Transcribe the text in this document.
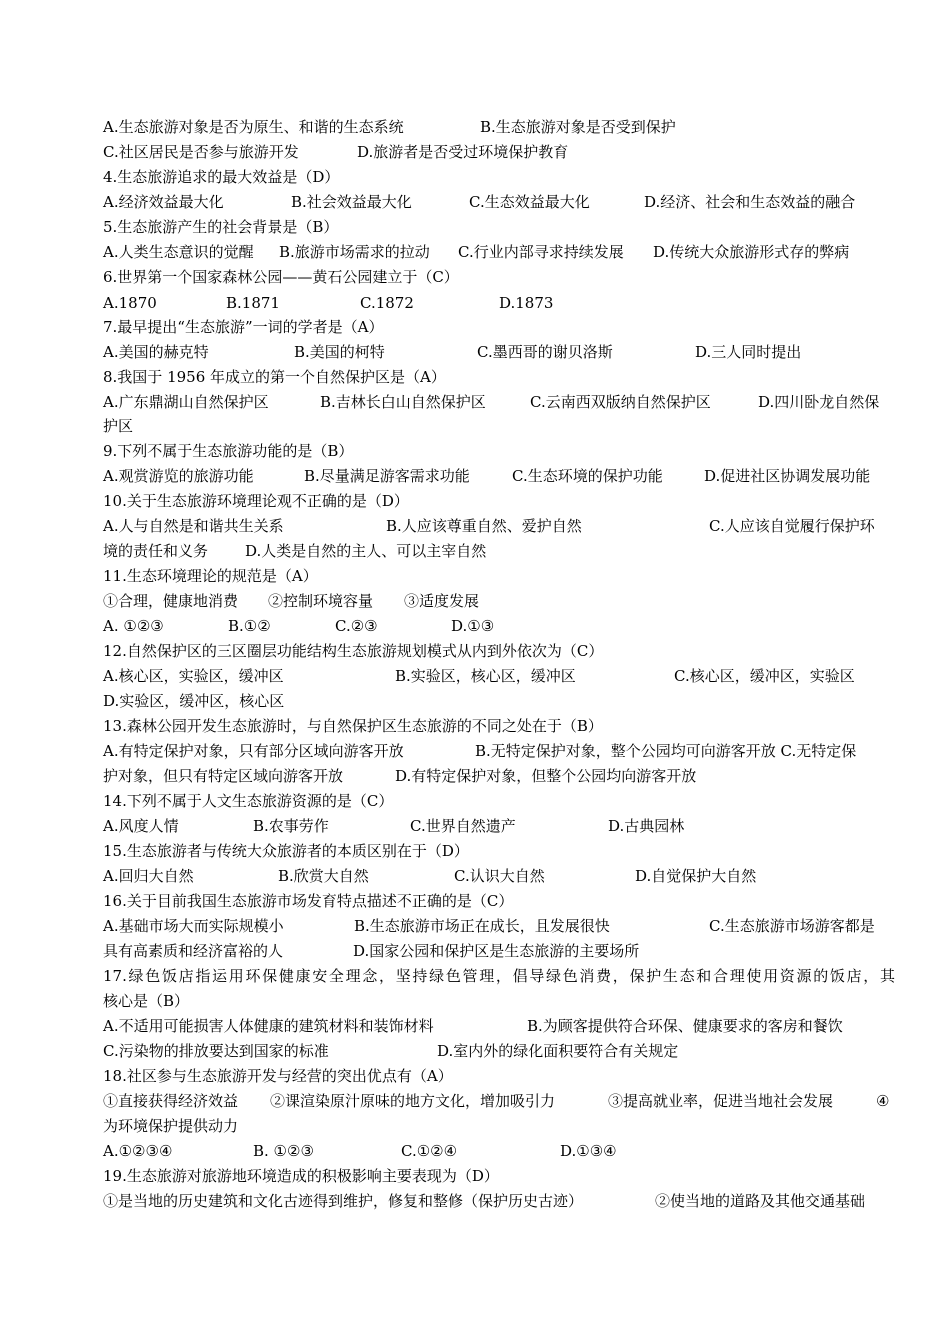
A.生态旅游对象是否为原生、和谐的生态系统	B.生态旅游对象是否受到保护
C.社区居民是否参与旅游开发	D.旅游者是否受过环境保护教育
4.生态旅游追求的最大效益是（D）
A.经济效益最大化	B.社会效益最大化	C.生态效益最大化	D.经济、社会和生态效益的融合
5.生态旅游产生的社会背景是（B）
A.人类生态意识的觉醒 B.旅游市场需求的拉动 C.行业内部寻求持续发展 D.传统大众旅游形式存的弊病
6.世界第一个国家森林公园——黄石公园建立于（C）
A.1870	B.1871	C.1872	D.1873
7.最早提出“生态旅游”一词的学者是（A）
A.美国的赫克特	B.美国的柯特	C.墨西哥的谢贝洛斯	D.三人同时提出
8.我国于 1956 年成立的第一个自然保护区是（A）
A.广东鼎湖山自然保护区	B.吉林长白山自然保护区	C.云南西双版纳自然保护区	D.四川卧龙自然保
护区
9.下列不属于生态旅游功能的是（B）
A.观赏游览的旅游功能	B.尽量满足游客需求功能	C.生态环境的保护功能	D.促进社区协调发展功能
10.关于生态旅游环境理论观不正确的是（D）
A.人与自然是和谐共生关系	B.人应该尊重自然、爱护自然	C.人应该自觉履行保护环
境的责任和义务 D.人类是自然的主人、可以主宰自然
11.生态环境理论的规范是（A）
①合理，健康地消费 ②控制环境容量 ③适度发展
A. ①②③	B.①②	C.②③	D.①③
12.自然保护区的三区圈层功能结构生态旅游规划模式从内到外依次为（C）
A.核心区，实验区，缓冲区	B.实验区，核心区，缓冲区	C.核心区，缓冲区，实验区
D.实验区，缓冲区，核心区
13.森林公园开发生态旅游时，与自然保护区生态旅游的不同之处在于（B）
A.有特定保护对象，只有部分区域向游客开放	B.无特定保护对象，整个公园均可向游客开放 C.无特定保
护对象，但只有特定区域向游客开放	D.有特定保护对象，但整个公园均向游客开放
14.下列不属于人文生态旅游资源的是（C）
A.风度人情	B.农事劳作	C.世界自然遗产	D.古典园林
15.生态旅游者与传统大众旅游者的本质区别在于（D）
A.回归大自然	B.欣赏大自然	C.认识大自然	D.自觉保护大自然
16.关于目前我国生态旅游市场发育特点描述不正确的是（C）
A.基础市场大而实际规模小	B.生态旅游市场正在成长，且发展很快	C.生态旅游市场游客都是
具有高素质和经济富裕的人	D.国家公园和保护区是生态旅游的主要场所
17.绿色饭店指运用环保健康安全理念，坚持绿色管理，倡导绿色消费，保护生态和合理使用资源的饭店，其
核心是（B）
A.不适用可能损害人体健康的建筑材料和装饰材料	B.为顾客提供符合环保、健康要求的客房和餐饮
C.污染物的排放要达到国家的标准	D.室内外的绿化面积要符合有关规定
18.社区参与生态旅游开发与经营的突出优点有（A）
①直接获得经济效益 ②课渲染原汁原味的地方文化，增加吸引力	③提高就业率，促进当地社会发展	④
为环境保护提供动力
A.①②③④	B. ①②③	C.①②④	D.①③④
19.生态旅游对旅游地环境造成的积极影响主要表现为（D）
①是当地的历史建筑和文化古迹得到维护，修复和整修（保护历史古迹）	②使当地的道路及其他交通基础
